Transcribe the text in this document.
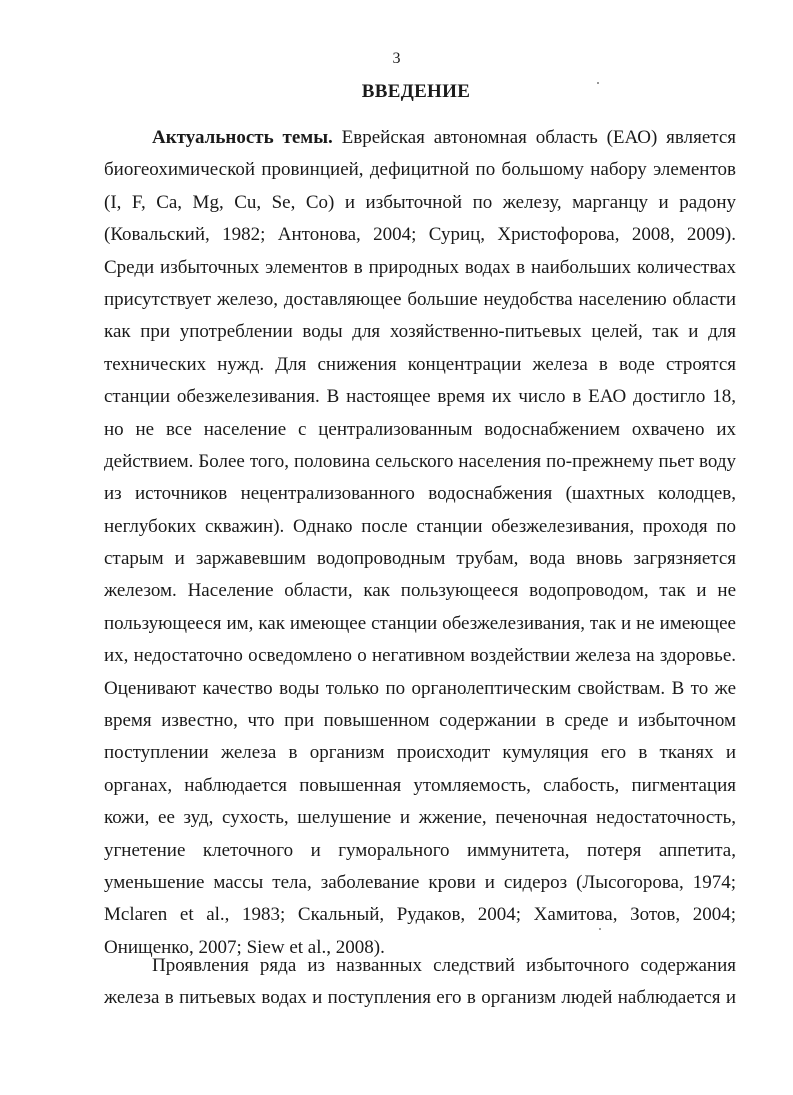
3
ВВЕДЕНИЕ
Актуальность темы. Еврейская автономная область (ЕАО) является
биогеохимической провинцией, дефицитной по большому набору элементов
(I, F, Ca, Mg, Cu, Se, Co) и избыточной по железу, марганцу и радону
(Ковальский, 1982; Антонова, 2004; Суриц, Христофорова, 2008, 2009).
Среди избыточных элементов в природных водах в наибольших количествах
присутствует железо, доставляющее большие неудобства населению области
как при употреблении воды для хозяйственно-питьевых целей, так и для
технических нужд. Для снижения концентрации железа в воде строятся
станции обезжелезивания. В настоящее время их число в ЕАО достигло 18,
но не все население с централизованным водоснабжением охвачено их
действием. Более того, половина сельского населения по-прежнему пьет воду
из источников нецентрализованного водоснабжения (шахтных колодцев,
неглубоких скважин). Однако после станции обезжелезивания, проходя по
старым и заржавевшим водопроводным трубам, вода вновь загрязняется
железом. Население области, как пользующееся водопроводом, так и не
пользующееся им, как имеющее станции обезжелезивания, так и не имеющее
их, недостаточно осведомлено о негативном воздействии железа на здоровье.
Оценивают качество воды только по органолептическим свойствам. В то же
время известно, что при повышенном содержании в среде и избыточном
поступлении железа в организм происходит кумуляция его в тканях и
органах, наблюдается повышенная утомляемость, слабость, пигментация
кожи, ее зуд, сухость, шелушение и жжение, печеночная недостаточность,
угнетение клеточного и гуморального иммунитета, потеря аппетита,
уменьшение массы тела, заболевание крови и сидероз (Лысогорова, 1974;
Mclaren et al., 1983; Скальный, Рудаков, 2004; Хамитова, Зотов, 2004;
Онищенко, 2007; Siew et al., 2008).
Проявления ряда из названных следствий избыточного содержания
железа в питьевых водах и поступления его в организм людей наблюдается и
